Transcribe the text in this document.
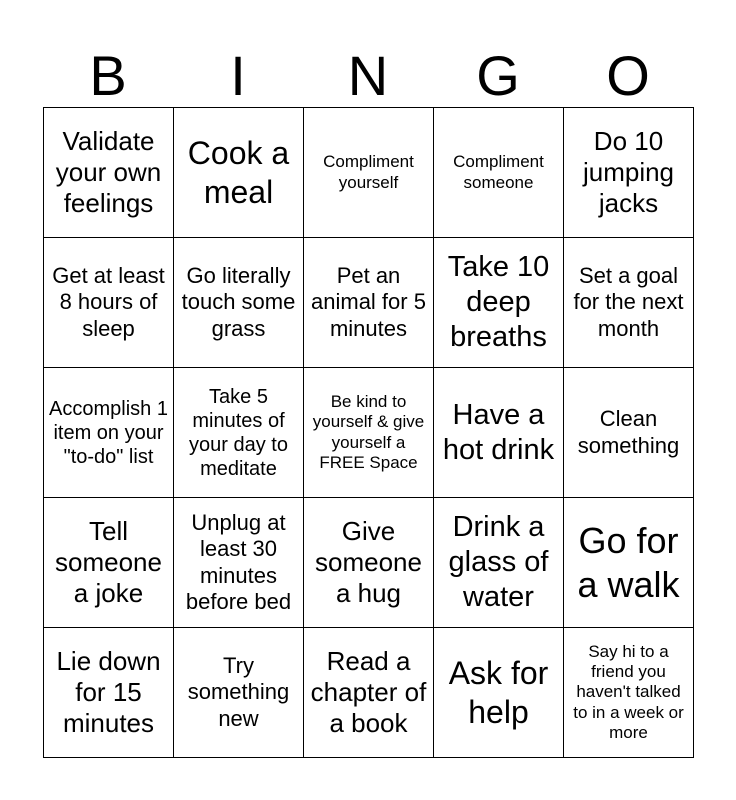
B	I	N	G	O
Validate your own feelings	Cook a meal	Compliment yourself	Compliment someone	Do 10 jumping jacks
Get at least 8 hours of sleep	Go literally touch some grass	Pet an animal for 5 minutes	Take 10 deep breaths	Set a goal for the next month
Accomplish 1 item on your "to-do" list	Take 5 minutes of your day to meditate	Be kind to yourself & give yourself a FREE Space	Have a hot drink	Clean something
Tell someone a joke	Unplug at least 30 minutes before bed	Give someone a hug	Drink a glass of water	Go for a walk
Lie down for 15 minutes	Try something new	Read a chapter of a book	Ask for help	Say hi to a friend you haven't talked to in a week or more
